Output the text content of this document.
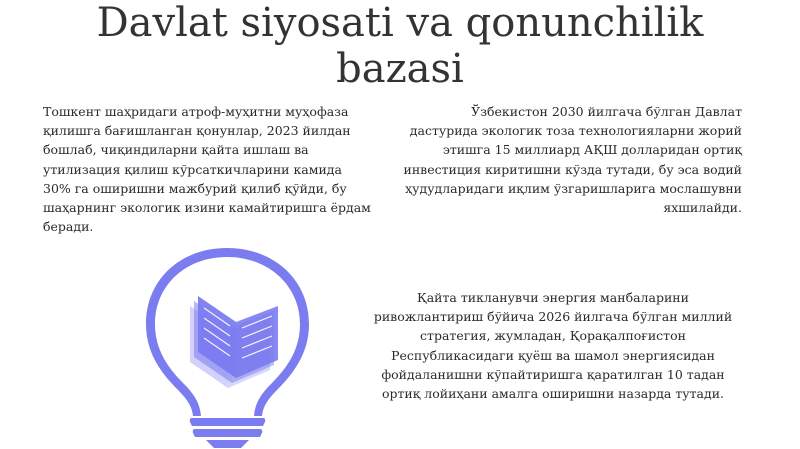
Davlat siyosati va qonunchilik bazasi

Тошкент шаҳридаги атроф-муҳитни муҳофаза қилишга бағишланган қонунлар, 2023 йилдан бошлаб, чиқиндиларни қайта ишлаш ва утилизация қилиш кўрсаткичларини камида 30% га оширишни мажбурий қилиб қўйди, бу шаҳарнинг экологик изини камайтиришга ёрдам беради.

Ўзбекистон 2030 йилгача бўлган Давлат дастурида экологик тоза технологияларни жорий этишга 15 миллиард АҚШ долларидан ортиқ инвестиция киритишни кўзда тутади, бу эса водий ҳудудларидаги иқлим ўзгаришларига мослашувни яхшилайди.

Қайта тикланувчи энергия манбаларини ривожлантириш бўйича 2026 йилгача бўлган миллий стратегия, жумладан, Қорақалпоғистон Республикасидаги қуёш ва шамол энергиясидан фойдаланишни кўпайтиришга қаратилган 10 тадан ортиқ лойиҳани амалга оширишни назарда тутади.
